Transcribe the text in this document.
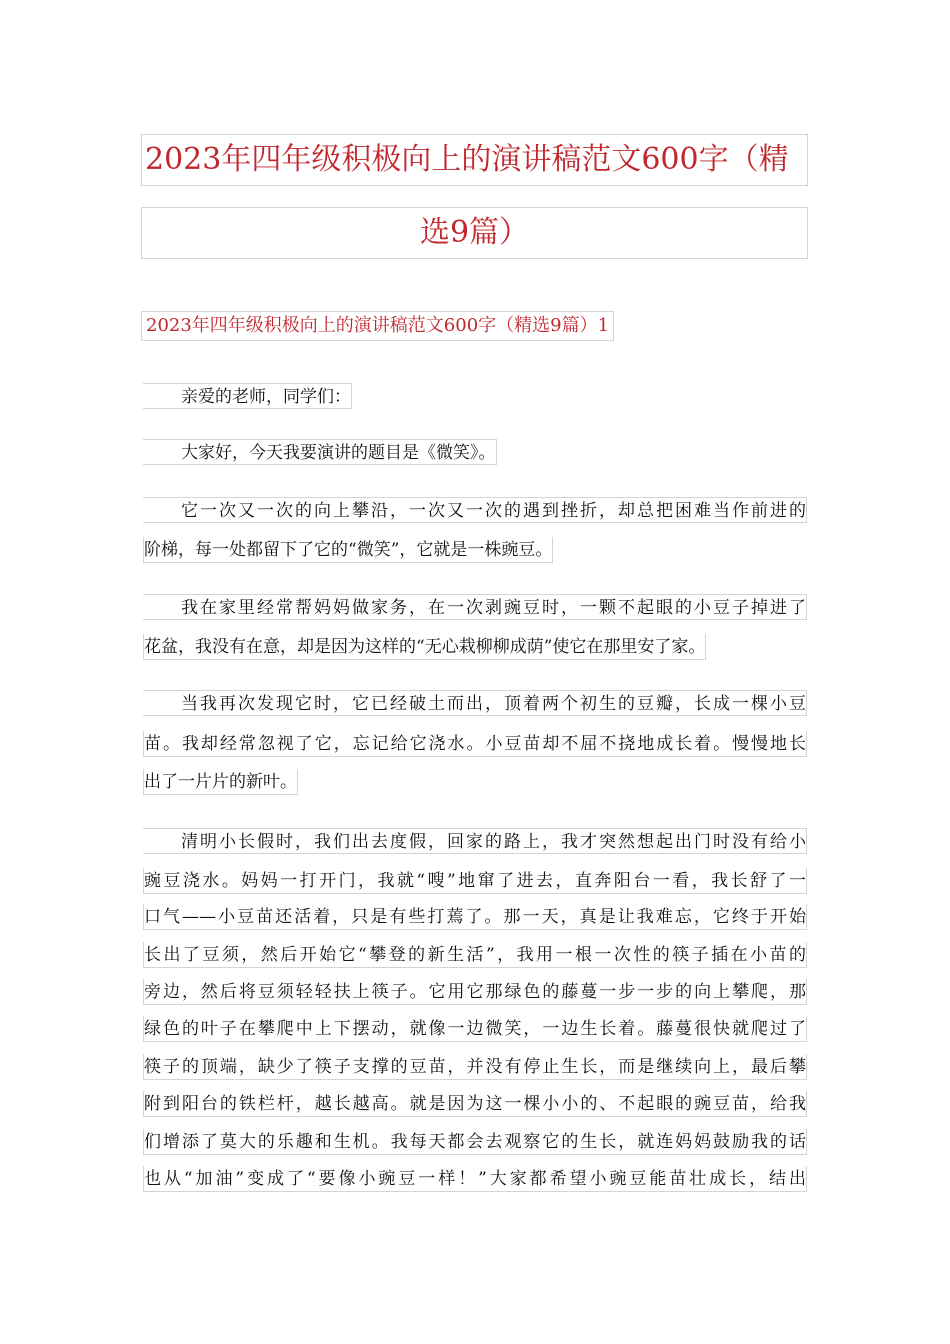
2023年四年级积极向上的演讲稿范文600字（精
选9篇）
2023年四年级积极向上的演讲稿范文600字（精选9篇）1
亲爱的老师，同学们：
大家好，今天我要演讲的题目是《微笑》。
它一次又一次的向上攀沿，一次又一次的遇到挫折，却总把困难当作前进的
阶梯，每一处都留下了它的“微笑”，它就是一株豌豆。
我在家里经常帮妈妈做家务，在一次剥豌豆时，一颗不起眼的小豆子掉进了
花盆，我没有在意，却是因为这样的“无心栽柳柳成荫”使它在那里安了家。
当我再次发现它时，它已经破土而出，顶着两个初生的豆瓣，长成一棵小豆
苗。我却经常忽视了它，忘记给它浇水。小豆苗却不屈不挠地成长着。慢慢地长
出了一片片的新叶。
清明小长假时，我们出去度假，回家的路上，我才突然想起出门时没有给小
豌豆浇水。妈妈一打开门，我就“嗖”地窜了进去，直奔阳台一看，我长舒了一
口气——小豆苗还活着，只是有些打蔫了。那一天，真是让我难忘，它终于开始
长出了豆须，然后开始它“攀登的新生活”，我用一根一次性的筷子插在小苗的
旁边，然后将豆须轻轻扶上筷子。它用它那绿色的藤蔓一步一步的向上攀爬，那
绿色的叶子在攀爬中上下摆动，就像一边微笑，一边生长着。藤蔓很快就爬过了
筷子的顶端，缺少了筷子支撑的豆苗，并没有停止生长，而是继续向上，最后攀
附到阳台的铁栏杆，越长越高。就是因为这一棵小小的、不起眼的豌豆苗，给我
们增添了莫大的乐趣和生机。我每天都会去观察它的生长，就连妈妈鼓励我的话
也从“加油”变成了“要像小豌豆一样！”大家都希望小豌豆能苗壮成长，结出
